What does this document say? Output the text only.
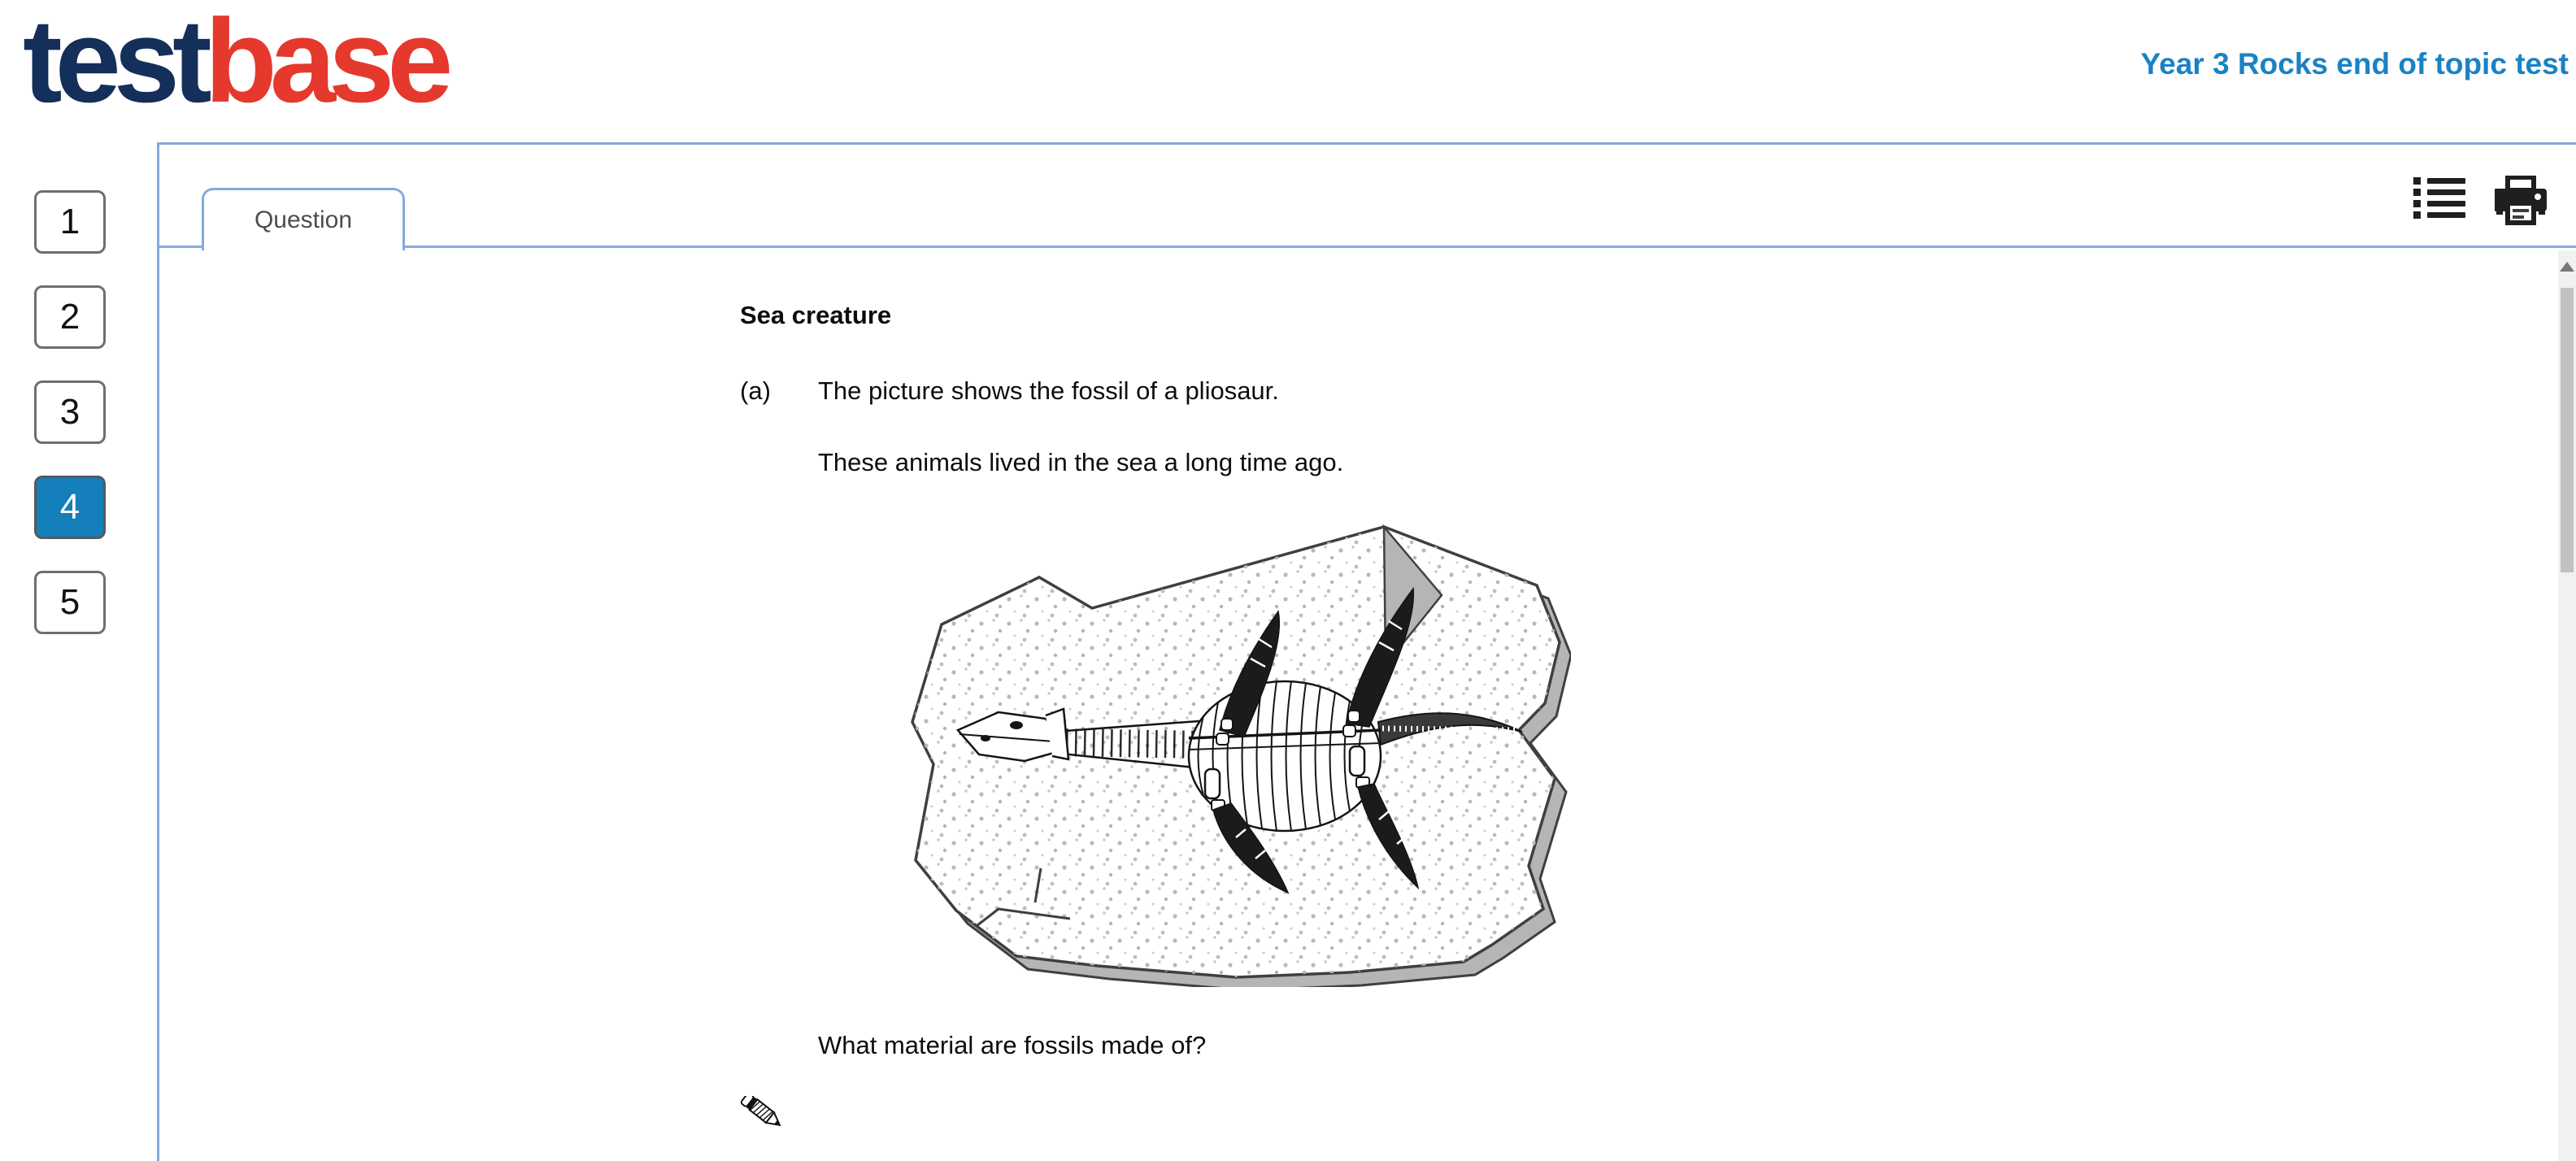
testbase	Year 3 Rocks end of topic test
1
2
3
4
5
Question
Sea creature
(a) The picture shows the fossil of a pliosaur.
These animals lived in the sea a long time ago.
What material are fossils made of?
